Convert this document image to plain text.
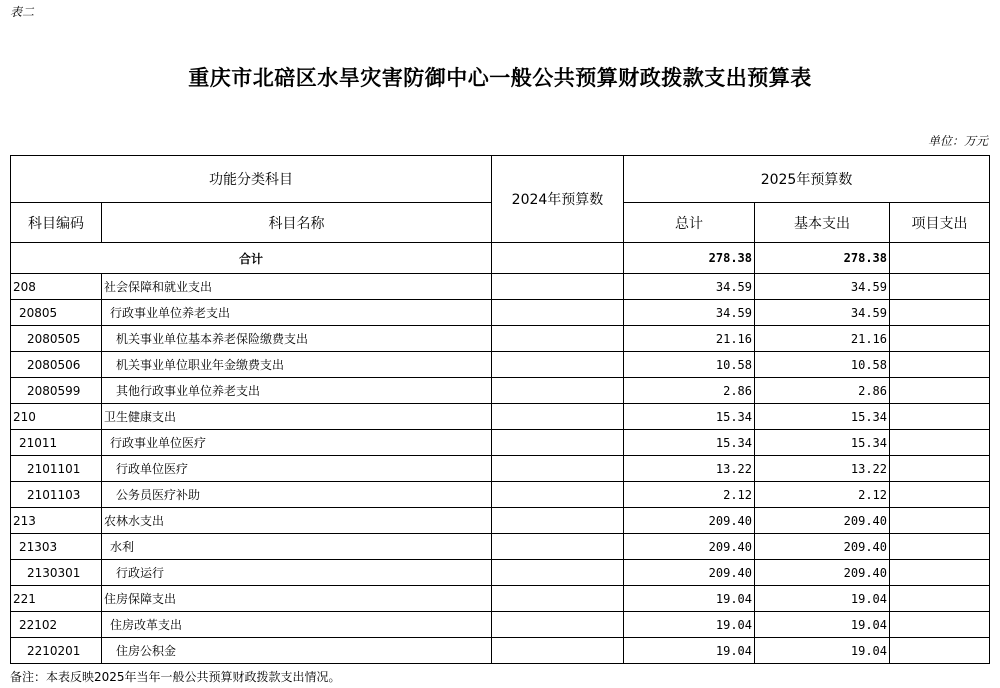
表二
重庆市北碚区水旱灾害防御中心一般公共预算财政拨款支出预算表
单位：万元
功能分类科目		2024年预算数	2025年预算数		
科目编码	科目名称		总计	基本支出	项目支出
合计			278.38	278.38	
208	社会保障和就业支出		34.59	34.59	
20805	行政事业单位养老支出		34.59	34.59	
2080505	机关事业单位基本养老保险缴费支出		21.16	21.16	
2080506	机关事业单位职业年金缴费支出		10.58	10.58	
2080599	其他行政事业单位养老支出		2.86	2.86	
210	卫生健康支出		15.34	15.34	
21011	行政事业单位医疗		15.34	15.34	
2101101	行政单位医疗		13.22	13.22	
2101103	公务员医疗补助		2.12	2.12	
213	农林水支出		209.40	209.40	
21303	水利		209.40	209.40	
2130301	行政运行		209.40	209.40	
221	住房保障支出		19.04	19.04	
22102	住房改革支出		19.04	19.04	
2210201	住房公积金		19.04	19.04	
备注：本表反映2025年当年一般公共预算财政拨款支出情况。
